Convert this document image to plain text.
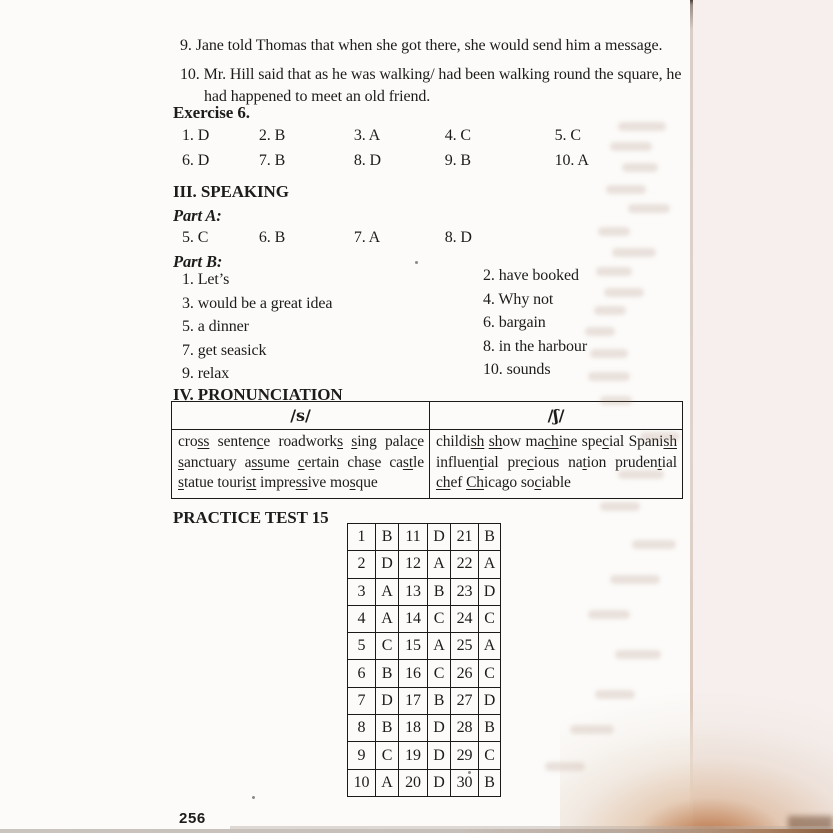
9. Jane told Thomas that when she got there, she would send him a message.
10. Mr. Hill said that as he was walking/ had been walking round the square, he had happened to meet an old friend.
Exercise 6.
1. D	2. B	3. A	4. C	5. C
6. D	7. B	8. D	9. B	10. A
III. SPEAKING
Part A:
5. C	6. B	7. A	8. D
Part B:
1. Let’s
3. would be a great idea
5. a dinner
7. get seasick
9. relax
2. have booked
4. Why not
6. bargain
8. in the harbour
10. sounds
IV. PRONUNCIATION
/s/	/ʃ/
cross sentence roadworks sing palace sanctuary assume certain chase castle statue tourist impressive mosque	childish show machine special Spanish influential precious nation prudential chef Chicago sociable
PRACTICE TEST 15
1	B	11	D	21	B
2	D	12	A	22	A
3	A	13	B	23	D
4	A	14	C	24	C
5	C	15	A	25	A
6	B	16	C	26	C
7	D	17	B	27	D
8	B	18	D	28	B
9	C	19	D	29	C
10	A	20	D	30	B
256
